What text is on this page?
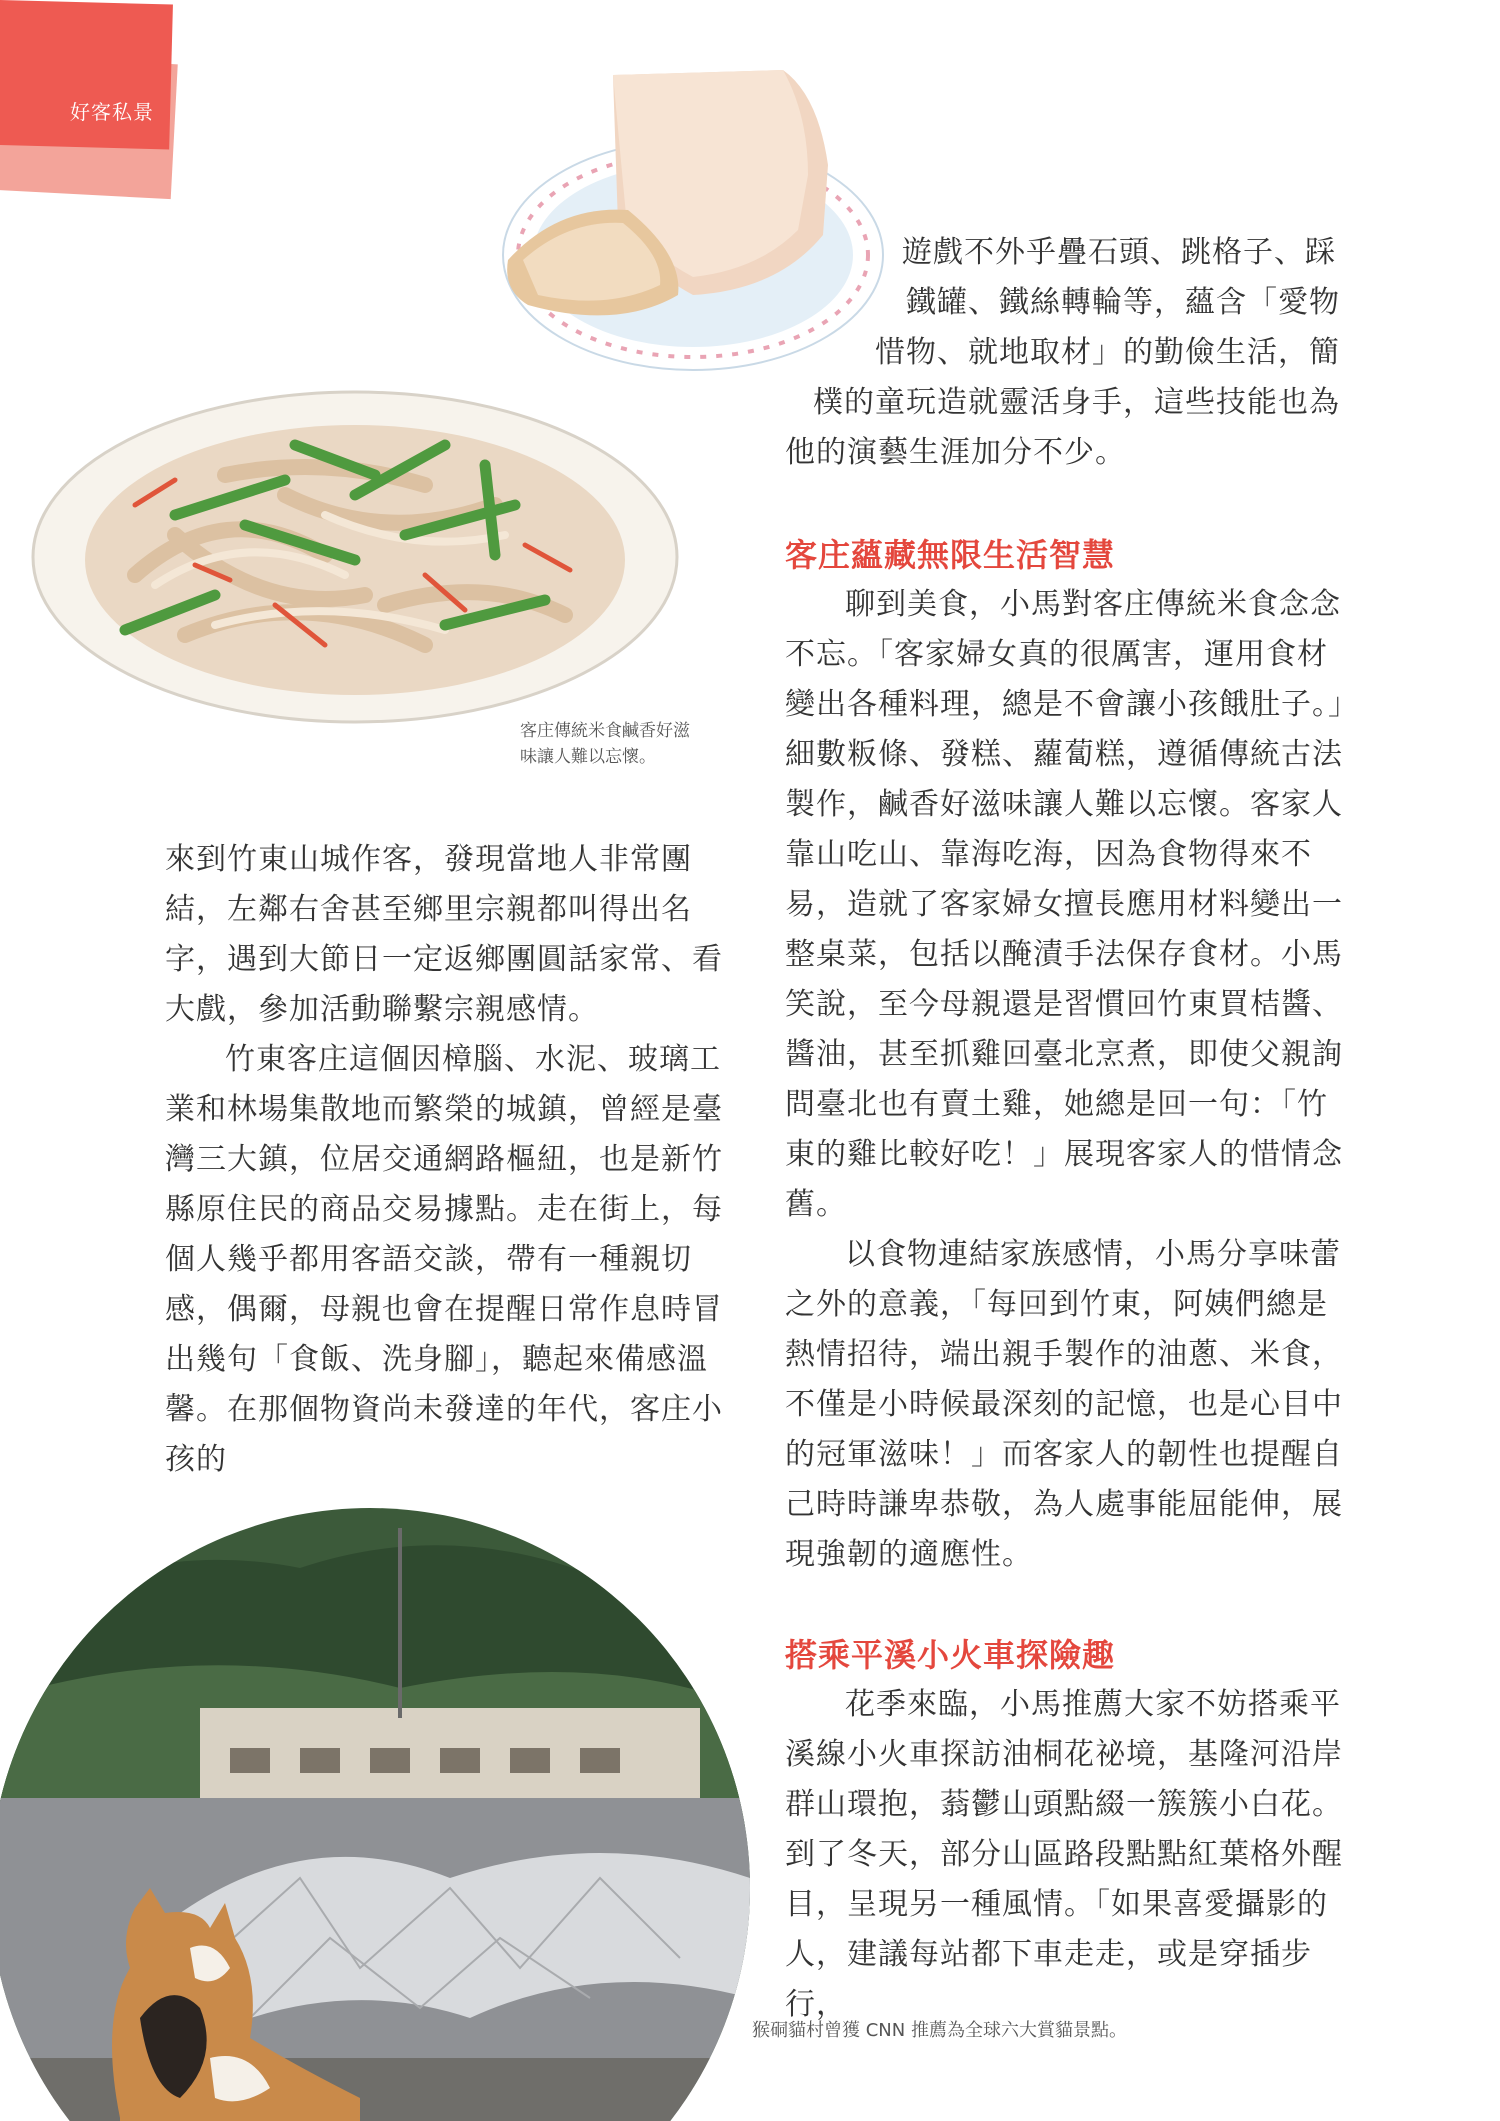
好客私景
客庄傳統米食鹹香好滋
味讓人難以忘懷。

遊戲不外乎疊石頭、跳格子、踩

鐵罐、鐵絲轉輪等，蘊含「愛物

惜物、就地取材」的勤儉生活，簡

樸的童玩造就靈活身手，這些技能也為

他的演藝生涯加分不少。

來到竹東山城作客，發現當地人非常團結，左鄰右舍甚至鄉里宗親都叫得出名字，遇到大節日一定返鄉團圓話家常、看大戲，參加活動聯繫宗親感情。

竹東客庄這個因樟腦、水泥、玻璃工業和林場集散地而繁榮的城鎮，曾經是臺灣三大鎮，位居交通網路樞紐，也是新竹縣原住民的商品交易據點。走在街上，每個人幾乎都用客語交談，帶有一種親切感，偶爾，母親也會在提醒日常作息時冒出幾句「食飯、洗身腳」，聽起來備感溫馨。在那個物資尚未發達的年代，客庄小孩的

客庄蘊藏無限生活智慧

聊到美食，小馬對客庄傳統米食念念不忘。「客家婦女真的很厲害，運用食材變出各種料理，總是不會讓小孩餓肚子。」細數粄條、發糕、蘿蔔糕，遵循傳統古法製作，鹹香好滋味讓人難以忘懷。客家人靠山吃山、靠海吃海，因為食物得來不易，造就了客家婦女擅長應用材料變出一整桌菜，包括以醃漬手法保存食材。小馬笑說，至今母親還是習慣回竹東買桔醬、醬油，甚至抓雞回臺北烹煮，即使父親詢問臺北也有賣土雞，她總是回一句：「竹東的雞比較好吃！」展現客家人的惜情念舊。

以食物連結家族感情，小馬分享味蕾之外的意義，「每回到竹東，阿姨們總是熱情招待，端出親手製作的油蔥、米食，不僅是小時候最深刻的記憶，也是心目中的冠軍滋味！」而客家人的韌性也提醒自己時時謙卑恭敬，為人處事能屈能伸，展現強韌的適應性。

搭乘平溪小火車探險趣

花季來臨，小馬推薦大家不妨搭乘平溪線小火車探訪油桐花祕境，基隆河沿岸群山環抱，蓊鬱山頭點綴一簇簇小白花。到了冬天，部分山區路段點點紅葉格外醒目，呈現另一種風情。「如果喜愛攝影的人，建議每站都下車走走，或是穿插步行，

猴硐貓村曾獲 CNN 推薦為全球六大賞貓景點。
